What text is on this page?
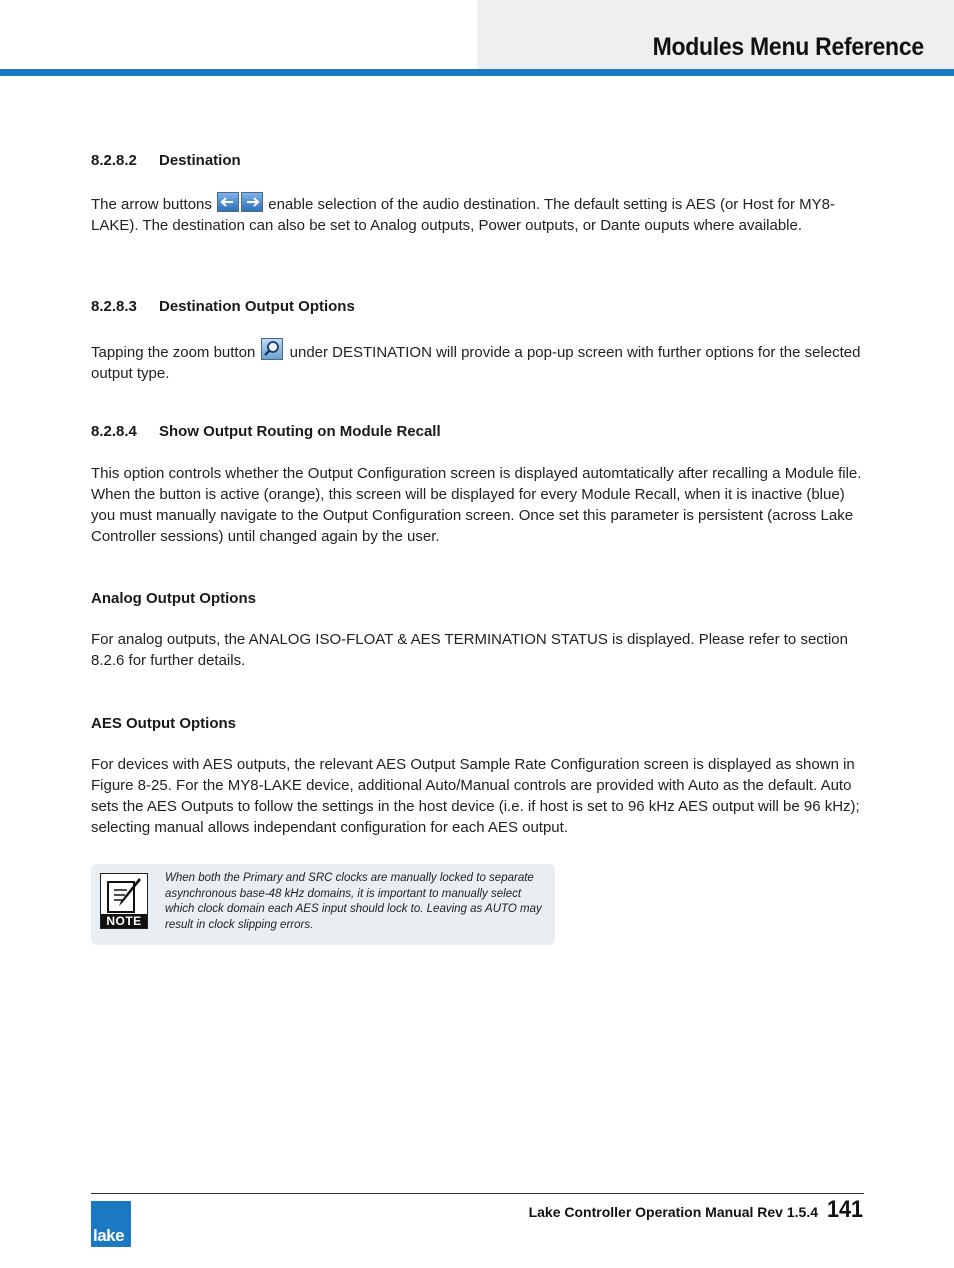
Modules Menu Reference
8.2.8.2 Destination

The arrow buttons	enable selection of the audio destination. The default setting is AES (or Host for MY8-LAKE). The destination can also be set to Analog outputs, Power outputs, or Dante ouputs where available.

8.2.8.3 Destination Output Options

Tapping the zoom button under DESTINATION will provide a pop-up screen with further options for the selected output type.

8.2.8.4 Show Output Routing on Module Recall

This option controls whether the Output Configuration screen is displayed automtatically after recalling a Module file. When the button is active (orange), this screen will be displayed for every Module Recall, when it is inactive (blue) you must manually navigate to the Output Configuration screen. Once set this parameter is persistent (across Lake Controller sessions) until changed again by the user.

Analog Output Options

For analog outputs, the ANALOG ISO-FLOAT & AES TERMINATION STATUS is displayed. Please refer to section 8.2.6 for further details.

AES Output Options

For devices with AES outputs, the relevant AES Output Sample Rate Configuration screen is displayed as shown in Figure 8-25. For the MY8-LAKE device, additional Auto/Manual controls are provided with Auto as the default. Auto sets the AES Outputs to follow the settings in the host device (i.e. if host is set to 96 kHz AES output will be 96 kHz); selecting manual allows independant configuration for each AES output.

NOTE
When both the Primary and SRC clocks are manually locked to separate asynchronous base-48 kHz domains, it is important to manually select which clock domain each AES input should lock to. Leaving as AUTO may result in clock slipping errors.
lake
Lake Controller Operation Manual Rev 1.5.4 141
